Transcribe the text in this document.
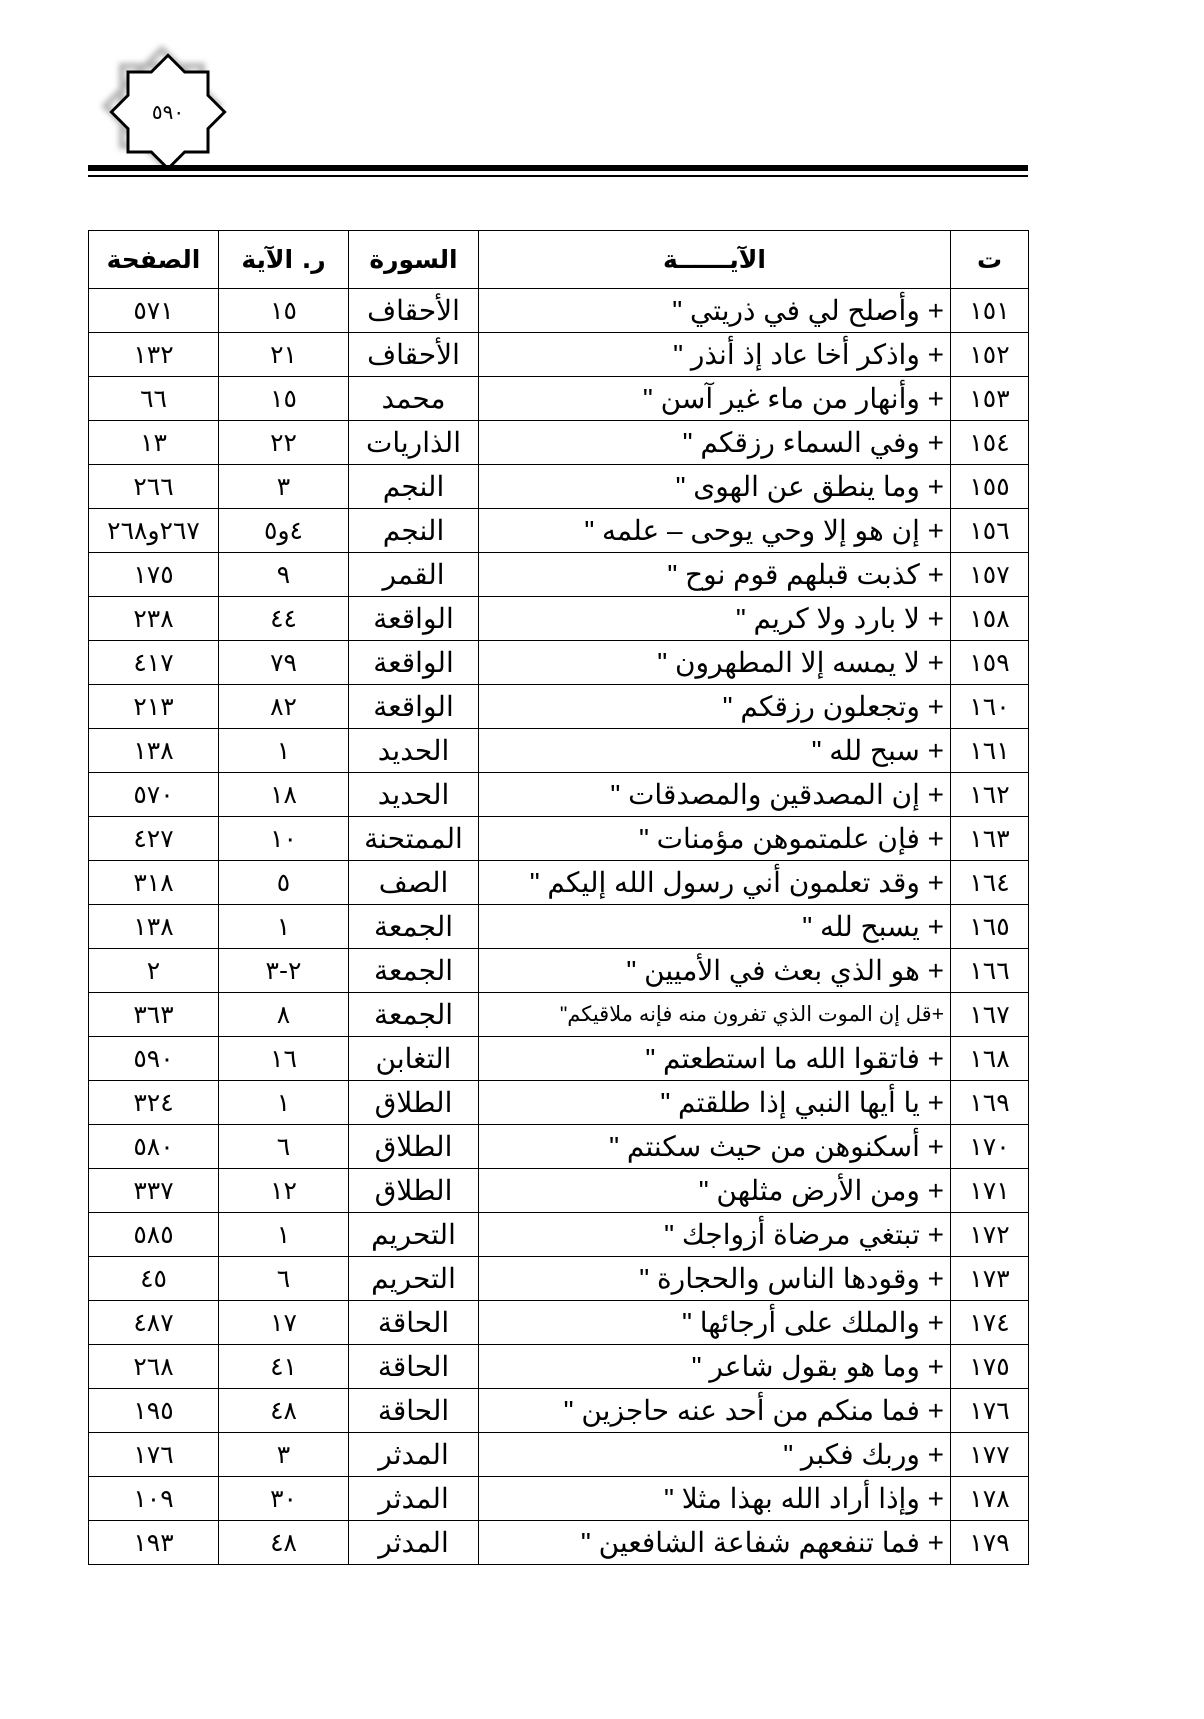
٥٩٠
ت	الآيــــــة	السورة	ر. الآية	الصفحة
١٥١	+ وأصلح لي في ذريتي "	الأحقاف	١٥	٥٧١
١٥٢	+ واذكر أخا عاد إذ أنذر "	الأحقاف	٢١	١٣٢
١٥٣	+ وأنهار من ماء غير آسن "	محمد	١٥	٦٦
١٥٤	+ وفي السماء رزقكم "	الذاريات	٢٢	١٣
١٥٥	+ وما ينطق عن الهوى "	النجم	٣	٢٦٦
١٥٦	+ إن هو إلا وحي يوحى – علمه "	النجم	٤و٥	٢٦٧و٢٦٨
١٥٧	+ كذبت قبلهم قوم نوح "	القمر	٩	١٧٥
١٥٨	+ لا بارد ولا كريم "	الواقعة	٤٤	٢٣٨
١٥٩	+ لا يمسه إلا المطهرون "	الواقعة	٧٩	٤١٧
١٦٠	+ وتجعلون رزقكم "	الواقعة	٨٢	٢١٣
١٦١	+ سبح لله "	الحديد	١	١٣٨
١٦٢	+ إن المصدقين والمصدقات "	الحديد	١٨	٥٧٠
١٦٣	+ فإن علمتموهن مؤمنات "	الممتحنة	١٠	٤٢٧
١٦٤	+ وقد تعلمون أني رسول الله إليكم "	الصف	٥	٣١٨
١٦٥	+ يسبح لله "	الجمعة	١	١٣٨
١٦٦	+ هو الذي بعث في الأميين "	الجمعة	٢-٣	٢
١٦٧	+قل إن الموت الذي تفرون منه فإنه ملاقيكم"	الجمعة	٨	٣٦٣
١٦٨	+ فاتقوا الله ما استطعتم "	التغابن	١٦	٥٩٠
١٦٩	+ يا أيها النبي إذا طلقتم "	الطلاق	١	٣٢٤
١٧٠	+ أسكنوهن من حيث سكنتم "	الطلاق	٦	٥٨٠
١٧١	+ ومن الأرض مثلهن "	الطلاق	١٢	٣٣٧
١٧٢	+ تبتغي مرضاة أزواجك "	التحريم	١	٥٨٥
١٧٣	+ وقودها الناس والحجارة "	التحريم	٦	٤٥
١٧٤	+ والملك على أرجائها "	الحاقة	١٧	٤٨٧
١٧٥	+ وما هو بقول شاعر "	الحاقة	٤١	٢٦٨
١٧٦	+ فما منكم من أحد عنه حاجزين "	الحاقة	٤٨	١٩٥
١٧٧	+ وربك فكبر "	المدثر	٣	١٧٦
١٧٨	+ وإذا أراد الله بهذا مثلا "	المدثر	٣٠	١٠٩
١٧٩	+ فما تنفعهم شفاعة الشافعين "	المدثر	٤٨	١٩٣
